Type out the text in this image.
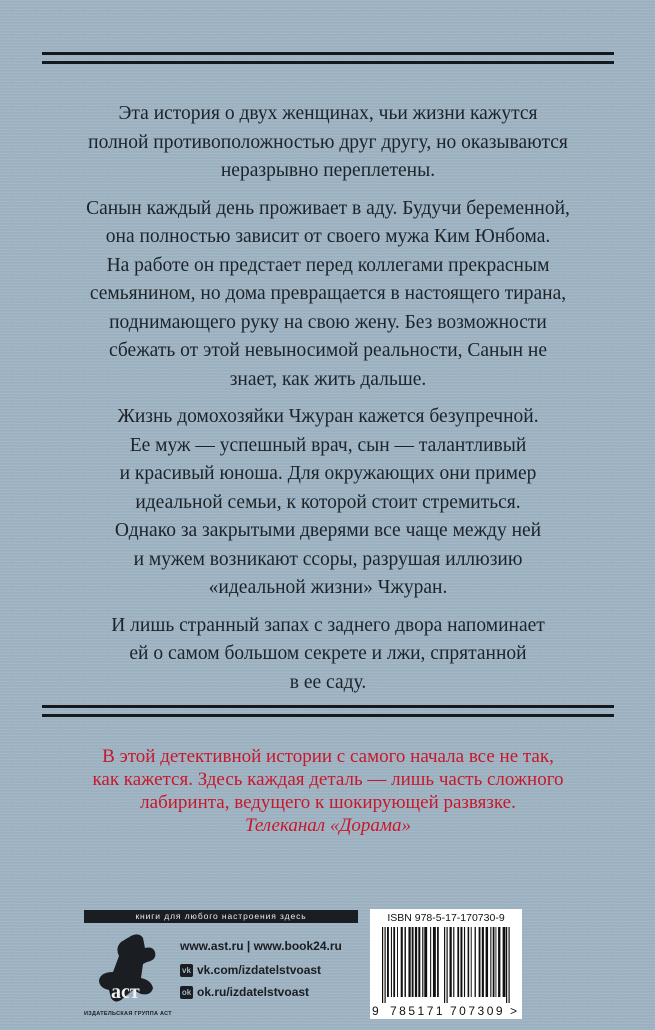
Эта история о двух женщинах, чьи жизни кажутся
полной противоположностью друг другу, но оказываются
неразрывно переплетены.

Санын каждый день проживает в аду. Будучи беременной,
она полностью зависит от своего мужа Ким Юнбома.
На работе он предстает перед коллегами прекрасным
семьянином, но дома превращается в настоящего тирана,
поднимающего руку на свою жену. Без возможности
сбежать от этой невыносимой реальности, Санын не
знает, как жить дальше.

Жизнь домохозяйки Чжуран кажется безупречной.
Ее муж — успешный врач, сын — талантливый
и красивый юноша. Для окружающих они пример
идеальной семьи, к которой стоит стремиться.
Однако за закрытыми дверями все чаще между ней
и мужем возникают ссоры, разрушая иллюзию
«идеальной жизни» Чжуран.

И лишь странный запах с заднего двора напоминает
ей о самом большом секрете и лжи, спрятанной
в ее саду.

В этой детективной истории с самого начала все не так,
как кажется. Здесь каждая деталь — лишь часть сложного
лабиринта, ведущего к шокирующей развязке.
Телеканал «Дорама»
книги для любого настроения здесь
аст
ИЗДАТЕЛЬСКАЯ ГРУППА АСТ
www.ast.ru | www.book24.ru
vk vk.com/izdatelstvoast
ok ok.ru/izdatelstvoast
ISBN 978-5-17-170730-9
9 785171 707309 >
